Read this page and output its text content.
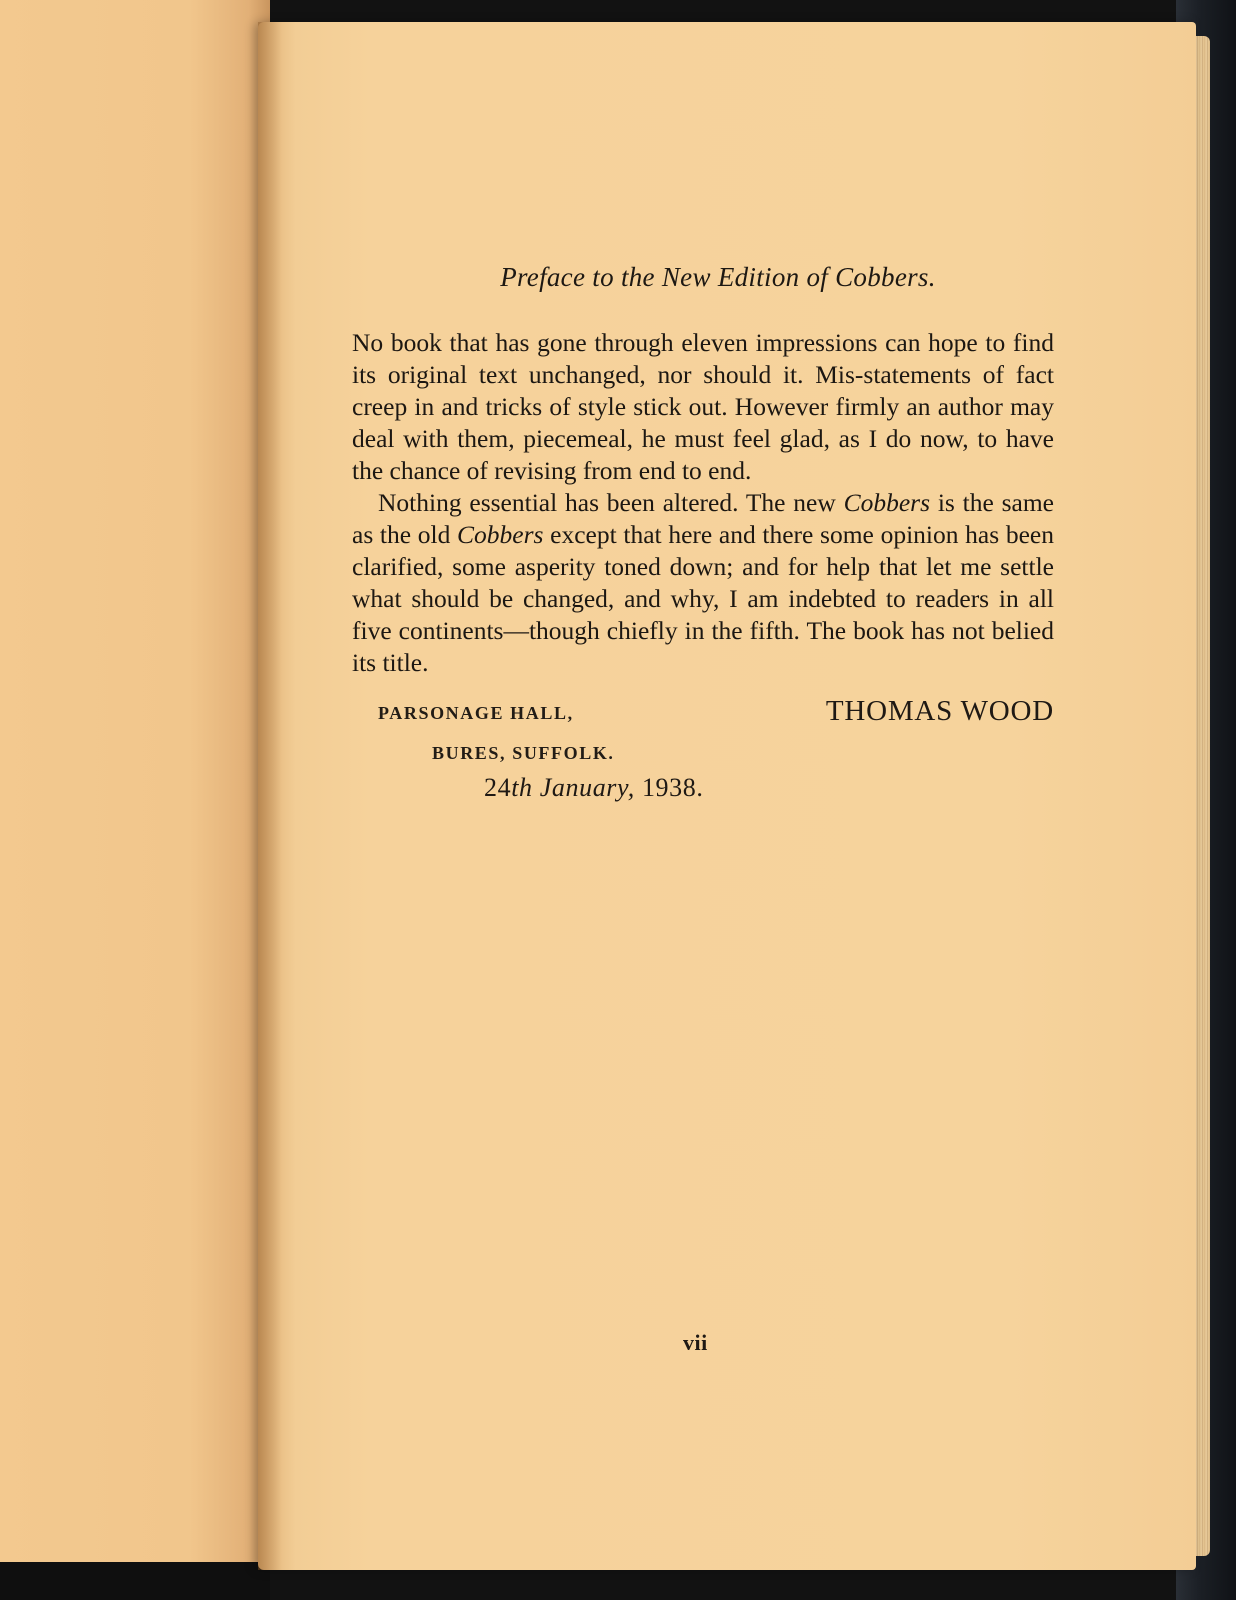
Preface to the New Edition of Cobbers.

No book that has gone through eleven impressions can hope to find its original text unchanged, nor should it. Mis-statements of fact creep in and tricks of style stick out. However firmly an author may deal with them, piecemeal, he must feel glad, as I do now, to have the chance of revising from end to end.

Nothing essential has been altered. The new Cobbers is the same as the old Cobbers except that here and there some opinion has been clarified, some asperity toned down; and for help that let me settle what should be changed, and why, I am indebted to readers in all five continents—though chiefly in the fifth. The book has not belied its title.

PARSONAGE HALL,
BURES, SUFFOLK.
THOMAS WOOD
24th January, 1938.
vii
